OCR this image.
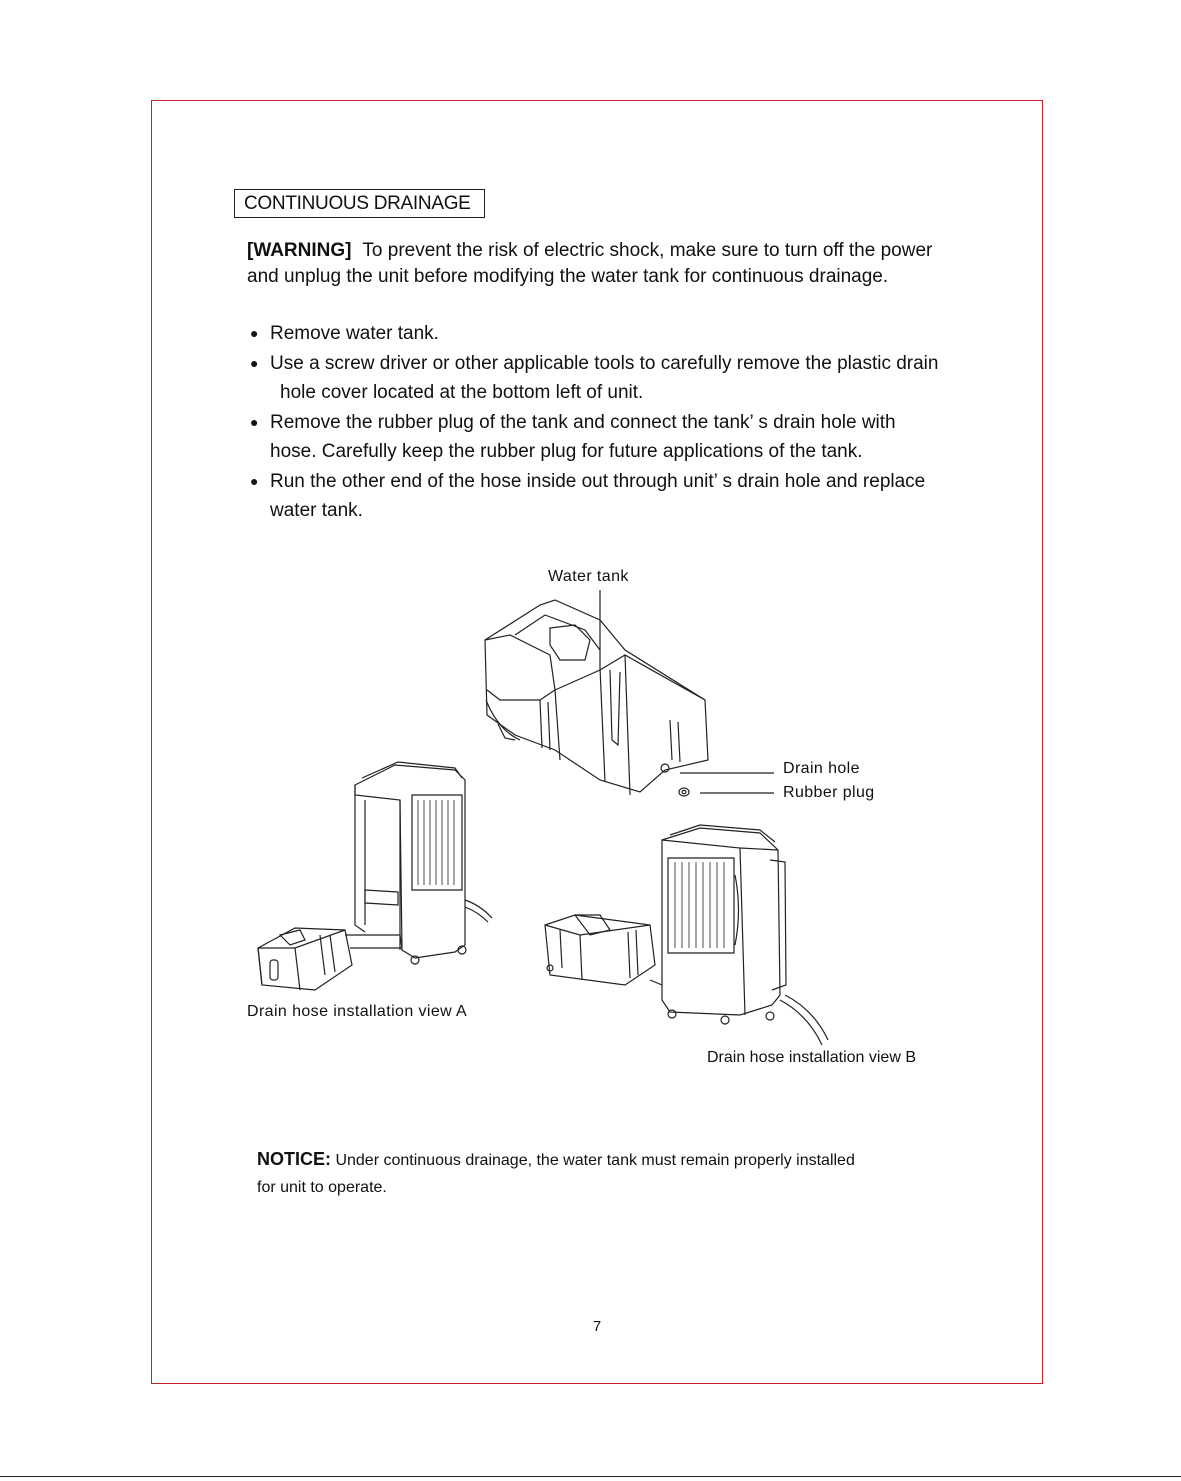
CONTINUOUS DRAINAGE
[WARNING] To prevent the risk of electric shock, make sure to turn off the power and unplug the unit before modifying the water tank for continuous drainage.
● Remove water tank.
● Use a screw driver or other applicable tools to carefully remove the plastic drain
hole cover located at the bottom left of unit.
● Remove the rubber plug of the tank and connect the tank’ s drain hole with
hose. Carefully keep the rubber plug for future applications of the tank.
● Run the other end of the hose inside out through unit’ s drain hole and replace
water tank.
Water tank
Drain hole
Rubber plug
Drain hose installation view A
Drain hose installation view B
NOTICE: Under continuous drainage, the water tank must remain properly installed
for unit to operate.
7
